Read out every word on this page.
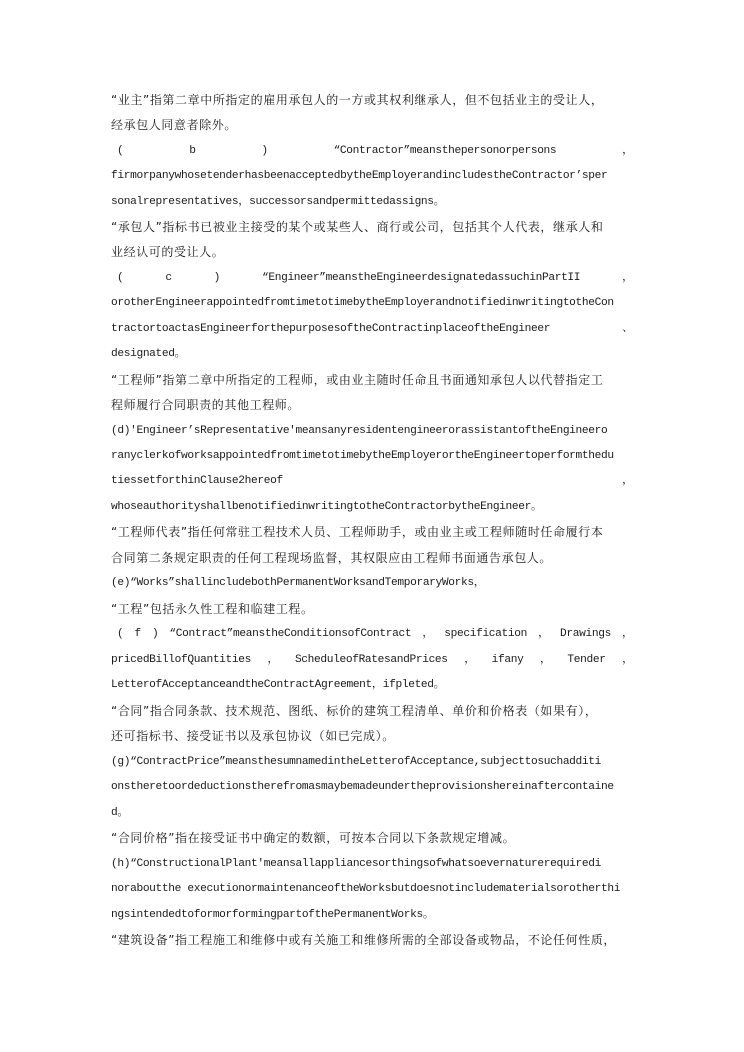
“业主”指第二章中所指定的雇用承包人的一方或其权利继承人，但不包括业主的受让人，
经承包人同意者除外。
(	b	)	“Contractor”meansthepersonorpersons	，
firmorpanywhosetenderhasbeenacceptedbytheEmployerandincludestheContractor’sper
sonalrepresentatives，successorsandpermittedassigns。
“承包人”指标书已被业主接受的某个或某些人、商行或公司，包括其个人代表，继承人和
业经认可的受让人。
(	c	)	“Engineer”meanstheEngineerdesignatedassuchinPartII	，
orotherEngineerappointedfromtimetotimebytheEmployerandnotifiedinwritingtotheCon
tractortoactasEngineerforthepurposesoftheContractinplaceoftheEngineer	、
designated。
“工程师”指第二章中所指定的工程师，或由业主随时任命且书面通知承包人以代替指定工
程师履行合同职责的其他工程师。
(d)'Engineer’sRepresentative'meansanyresidentengineerorassistantoftheEngineero
ranyclerkofworksappointedfromtimetotimebytheEmployerortheEngineertoperformthedu
tiessetforthinClause2hereof	，
whoseauthorityshallbenotifiedinwritingtotheContractorbytheEngineer。
“工程师代表”指任何常驻工程技术人员、工程师助手，或由业主或工程师随时任命履行本
合同第二条规定职责的任何工程现场监督，其权限应由工程师书面通告承包人。
(e)“Works”shallincludebothPermanentWorksandTemporaryWorks，
“工程”包括永久性工程和临建工程。
( f ) “Contract”meanstheConditionsofContract ， specification ， Drawings ，
pricedBillofQuantities ， ScheduleofRatesandPrices ， ifany ， Tender ，
LetterofAcceptanceandtheContractAgreement，ifpleted。
“合同”指合同条款、技术规范、图纸、标价的建筑工程清单、单价和价格表（如果有），
还可指标书、接受证书以及承包协议（如已完成）。
(g)“ContractPrice”meansthesumnamedintheLetterofAcceptance,subjecttosuchadditi
onstheretoordeductionstherefromasmaybemadeundertheprovisionshereinaftercontaine
d。
“合同价格”指在接受证书中确定的数额，可按本合同以下条款规定增减。
(h)“ConstructionalPlant'meansallappliancesorthingsofwhatsoevernaturerequiredi
noraboutthe executionormaintenanceoftheWorksbutdoesnotincludematerialsorotherthi
ngsintendedtoformorformingpartofthePermanentWorks。
“建筑设备”指工程施工和维修中或有关施工和维修所需的全部设备或物品，不论任何性质，
